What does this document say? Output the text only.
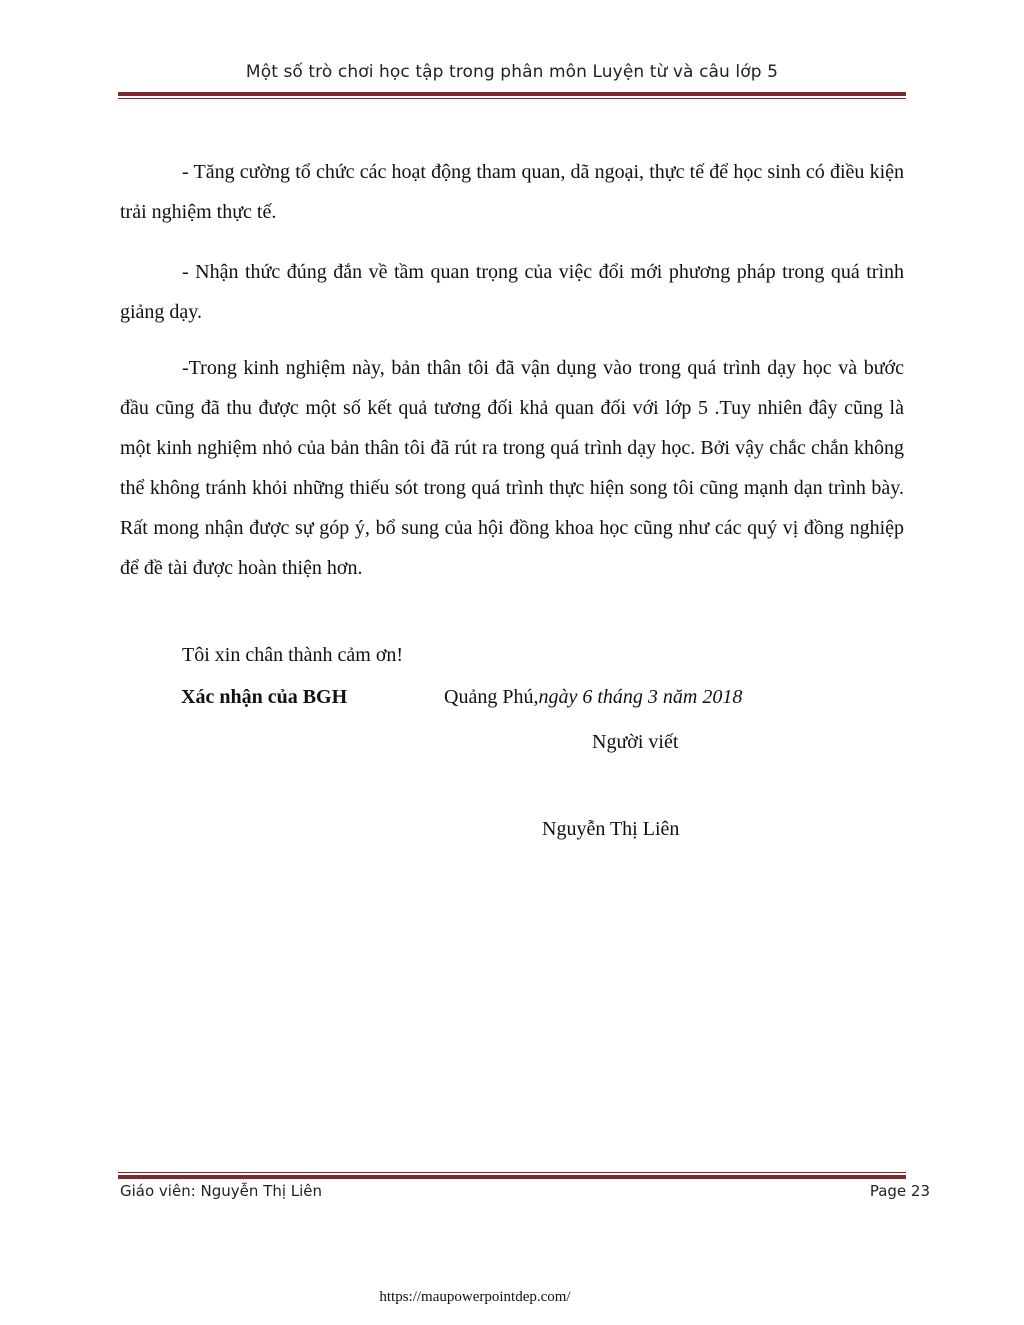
Một số trò chơi học tập trong phân môn Luyện từ và câu lớp 5

- Tăng cường tổ chức các hoạt động tham quan, dã ngoại, thực tế để học sinh có điều kiện trải nghiệm thực tế.

- Nhận thức đúng đắn về tầm quan trọng của việc đổi mới phương pháp trong quá trình giảng dạy.

-Trong kinh nghiệm này, bản thân tôi đã vận dụng vào trong quá trình dạy học và bước đầu cũng đã thu được một số kết quả tương đối khả quan đối với lớp 5 .Tuy nhiên đây cũng là một kinh nghiệm nhỏ của bản thân tôi đã rút ra trong quá trình dạy học. Bởi vậy chắc chắn không thể không tránh khỏi những thiếu sót trong quá trình thực hiện song tôi cũng mạnh dạn trình bày. Rất mong nhận được sự góp ý, bổ sung của hội đồng khoa học cũng như các quý vị đồng nghiệp để đề tài được hoàn thiện hơn.

Tôi xin chân thành cảm ơn!
Xác nhận của BGH	Quảng Phú,ngày 6 tháng 3 năm 2018
Người viết
Nguyễn Thị Liên
Giáo viên: Nguyễn Thị Liên	Page 23
https://maupowerpointdep.com/
